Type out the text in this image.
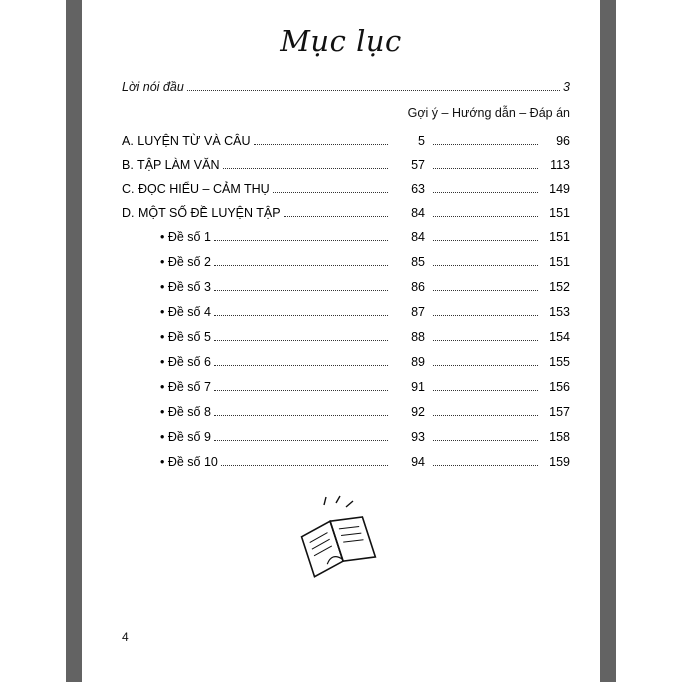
Mục lục
Lời nói đầu	3
Gợi ý – Hướng dẫn – Đáp án
A. LUYỆN TỪ VÀ CÂU	5	96
B. TẬP LÀM VĂN	57	113
C. ĐỌC HIỂU – CẢM THỤ	63	149
D. MỘT SỐ ĐỀ LUYỆN TẬP	84	151
• Đề số 1	84	151
• Đề số 2	85	151
• Đề số 3	86	152
• Đề số 4	87	153
• Đề số 5	88	154
• Đề số 6	89	155
• Đề số 7	91	156
• Đề số 8	92	157
• Đề số 9	93	158
• Đề số 10	94	159
4
